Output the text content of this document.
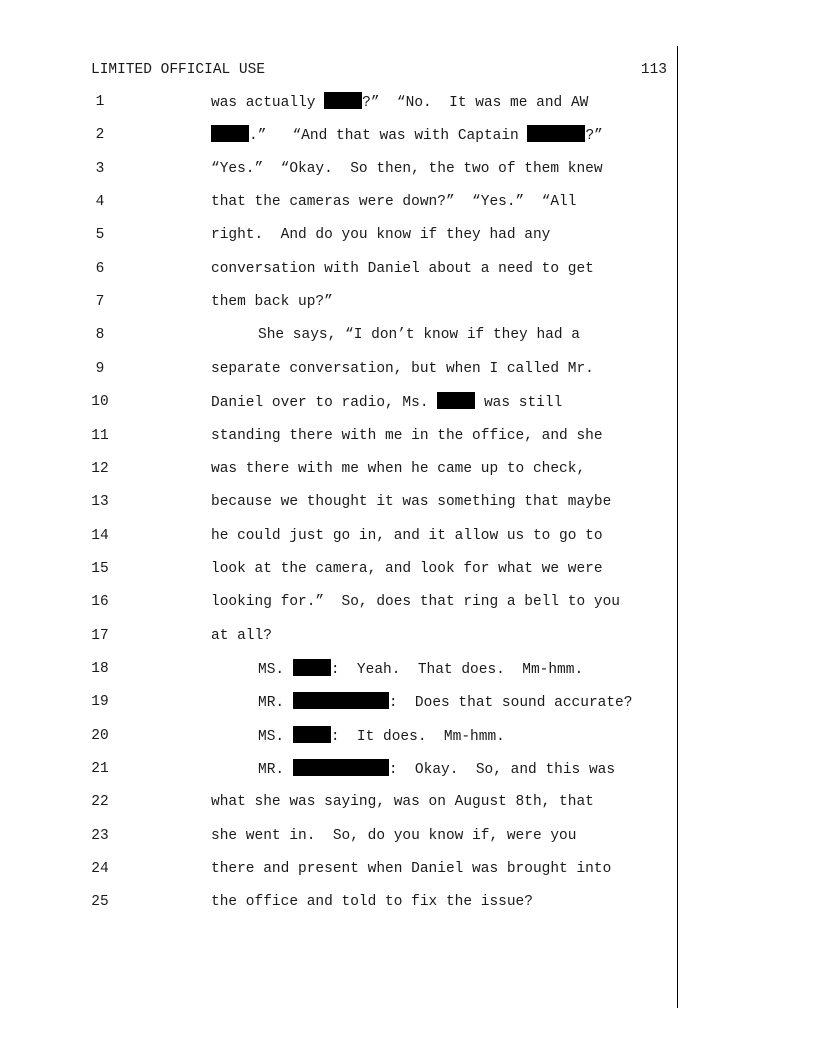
LIMITED OFFICIAL USE	113
1	was actually	?”  “No.  It was me and AW
2	.”   “And that was with Captain	?”
3	“Yes.”  “Okay.  So then, the two of them knew
4	that the cameras were down?”  “Yes.”  “All
5	right.  And do you know if they had any
6	conversation with Daniel about a need to get
7	them back up?”
8	She says, “I don’t know if they had a
9	separate conversation, but when I called Mr.
10	Daniel over to radio, Ms.	was still
11	standing there with me in the office, and she
12	was there with me when he came up to check,
13	because we thought it was something that maybe
14	he could just go in, and it allow us to go to
15	look at the camera, and look for what we were
16	looking for.”  So, does that ring a bell to you
17	at all?
18	MS.	:  Yeah.  That does.  Mm-hmm.
19	MR.	:  Does that sound accurate?
20	MS.	:  It does.  Mm-hmm.
21	MR.	:  Okay.  So, and this was
22	what she was saying, was on August 8th, that
23	she went in.  So, do you know if, were you
24	there and present when Daniel was brought into
25	the office and told to fix the issue?
